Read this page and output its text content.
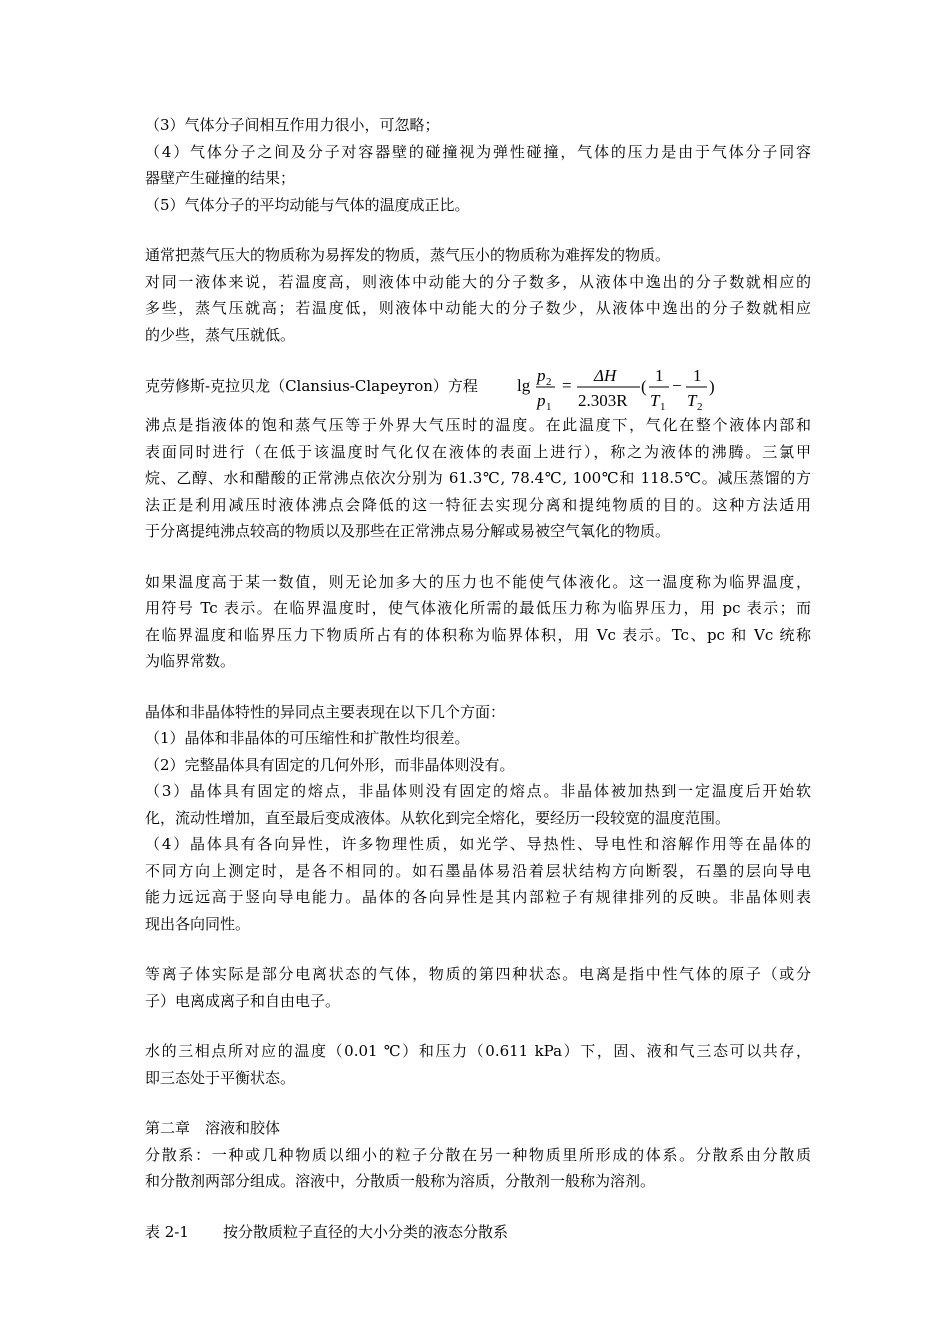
（3）气体分子间相互作用力很小，可忽略；
（4）气体分子之间及分子对容器壁的碰撞视为弹性碰撞，气体的压力是由于气体分子同容
器壁产生碰撞的结果；
（5）气体分子的平均动能与气体的温度成正比。
通常把蒸气压大的物质称为易挥发的物质，蒸气压小的物质称为难挥发的物质。
对同一液体来说，若温度高，则液体中动能大的分子数多，从液体中逸出的分子数就相应的
多些，蒸气压就高；若温度低，则液体中动能大的分子数少，从液体中逸出的分子数就相应
的少些，蒸气压就低。
克劳修斯-克拉贝龙（Clansius-Clapeyron）方程 lg
p 2
p 1
=
ΔH
2.303R
(
1
T 1
−
1
T 2
)
沸点是指液体的饱和蒸气压等于外界大气压时的温度。在此温度下，气化在整个液体内部和
表面同时进行（在低于该温度时气化仅在液体的表面上进行），称之为液体的沸腾。三氯甲
烷、乙醇、水和醋酸的正常沸点依次分别为 61.3℃, 78.4℃, 100℃和 118.5℃。减压蒸馏的方
法正是利用减压时液体沸点会降低的这一特征去实现分离和提纯物质的目的。这种方法适用
于分离提纯沸点较高的物质以及那些在正常沸点易分解或易被空气氧化的物质。
如果温度高于某一数值，则无论加多大的压力也不能使气体液化。这一温度称为临界温度，
用符号 Tc 表示。在临界温度时，使气体液化所需的最低压力称为临界压力，用 pc 表示；而
在临界温度和临界压力下物质所占有的体积称为临界体积，用 Vc 表示。Tc、pc 和 Vc 统称
为临界常数。
晶体和非晶体特性的异同点主要表现在以下几个方面：
（1）晶体和非晶体的可压缩性和扩散性均很差。
（2）完整晶体具有固定的几何外形，而非晶体则没有。
（3）晶体具有固定的熔点，非晶体则没有固定的熔点。非晶体被加热到一定温度后开始软
化，流动性增加，直至最后变成液体。从软化到完全熔化，要经历一段较宽的温度范围。
（4）晶体具有各向异性，许多物理性质，如光学、导热性、导电性和溶解作用等在晶体的
不同方向上测定时，是各不相同的。如石墨晶体易沿着层状结构方向断裂，石墨的层向导电
能力远远高于竖向导电能力。晶体的各向异性是其内部粒子有规律排列的反映。非晶体则表
现出各向同性。
等离子体实际是部分电离状态的气体，物质的第四种状态。电离是指中性气体的原子（或分
子）电离成离子和自由电子。
水的三相点所对应的温度（0.01 ℃）和压力（0.611 kPa）下，固、液和气三态可以共存，
即三态处于平衡状态。
第二章　溶液和胶体
分散系：一种或几种物质以细小的粒子分散在另一种物质里所形成的体系。分散系由分散质
和分散剂两部分组成。溶液中，分散质一般称为溶质，分散剂一般称为溶剂。
表 2-1 按分散质粒子直径的大小分类的液态分散系
